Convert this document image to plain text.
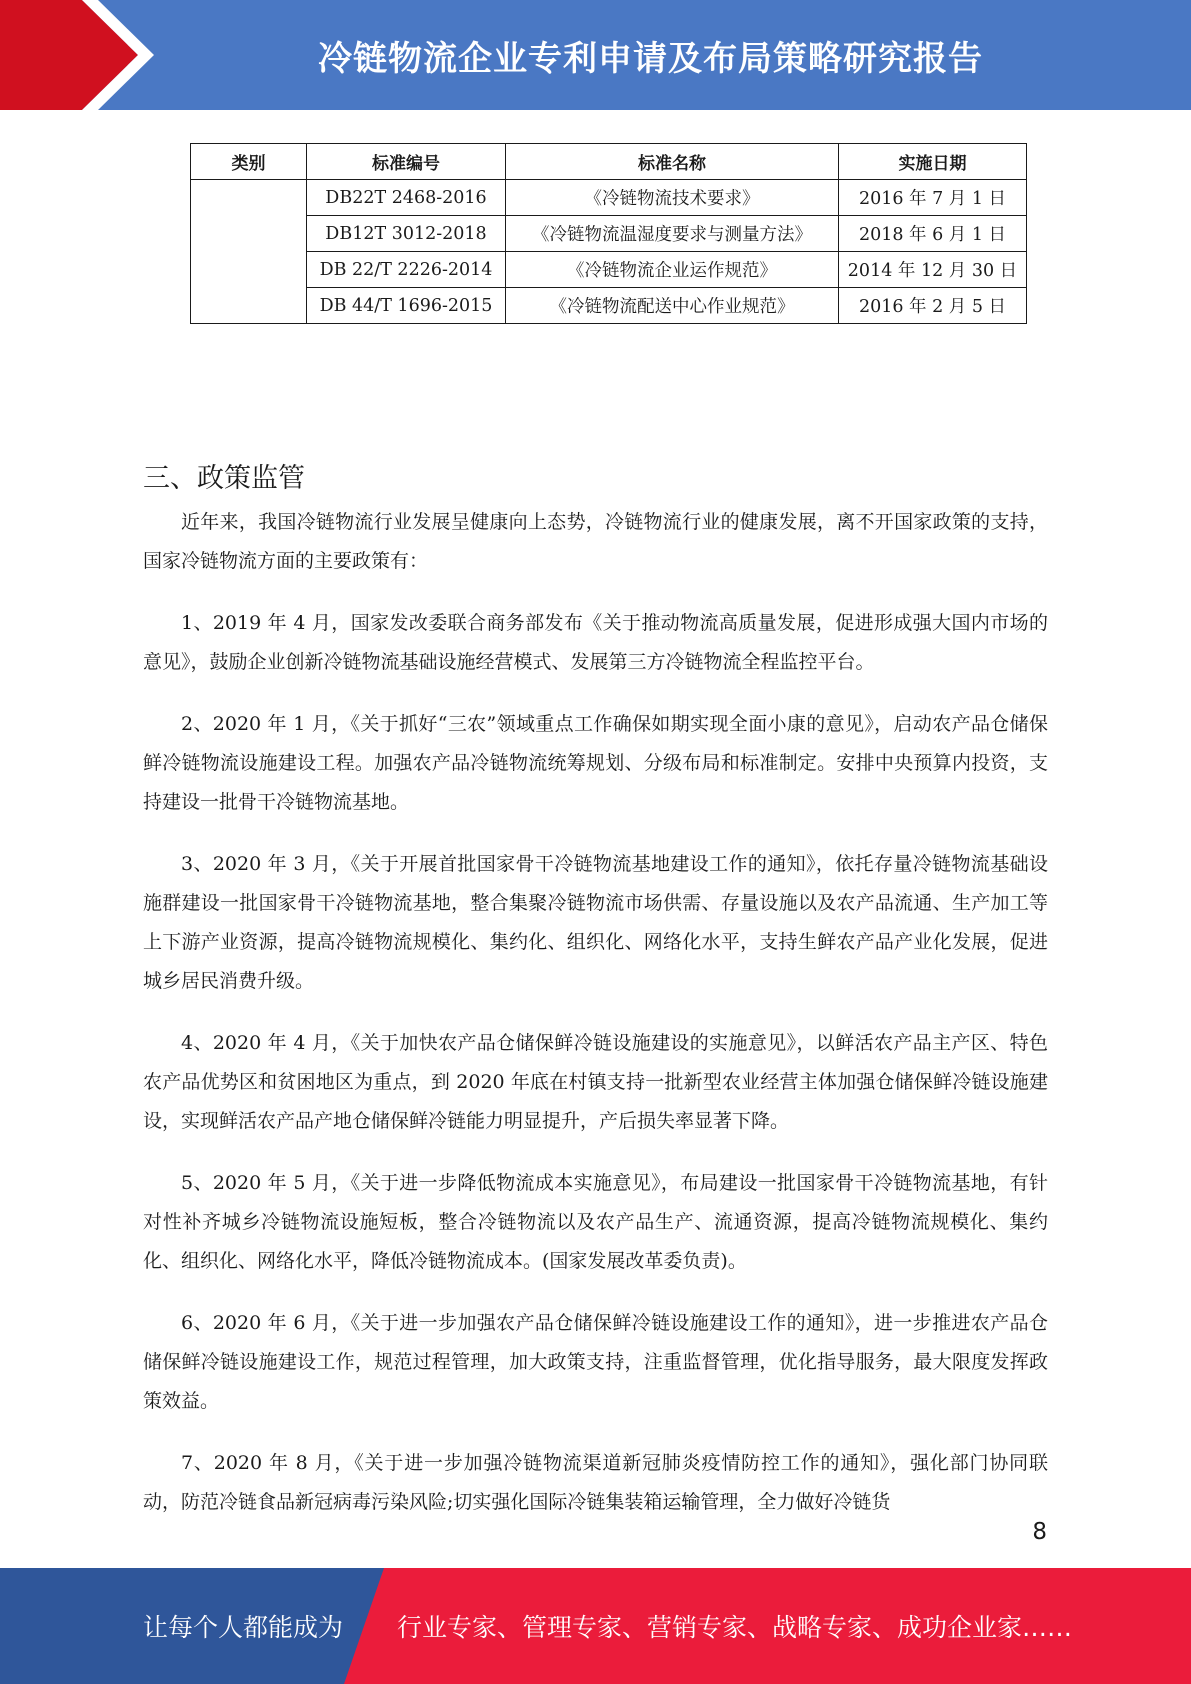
冷链物流企业专利申请及布局策略研究报告
类别	标准编号	标准名称	实施日期
	DB22T 2468-2016	《冷链物流技术要求》	2016 年 7 月 1 日
	DB12T 3012-2018	《冷链物流温湿度要求与测量方法》	2018 年 6 月 1 日
	DB 22/T 2226-2014	《冷链物流企业运作规范》	2014 年 12 月 30 日
	DB 44/T 1696-2015	《冷链物流配送中心作业规范》	2016 年 2 月 5 日
三、政策监管

近年来，我国冷链物流行业发展呈健康向上态势，冷链物流行业的健康发展，离不开国家政策的支持，国家冷链物流方面的主要政策有：

1、2019 年 4 月，国家发改委联合商务部发布《关于推动物流高质量发展，促进形成强大国内市场的意见》，鼓励企业创新冷链物流基础设施经营模式、发展第三方冷链物流全程监控平台。

2、2020 年 1 月，《关于抓好“三农”领域重点工作确保如期实现全面小康的意见》，启动农产品仓储保鲜冷链物流设施建设工程。加强农产品冷链物流统筹规划、分级布局和标准制定。安排中央预算内投资，支持建设一批骨干冷链物流基地。

3、2020 年 3 月，《关于开展首批国家骨干冷链物流基地建设工作的通知》，依托存量冷链物流基础设施群建设一批国家骨干冷链物流基地，整合集聚冷链物流市场供需、存量设施以及农产品流通、生产加工等上下游产业资源，提高冷链物流规模化、集约化、组织化、网络化水平，支持生鲜农产品产业化发展，促进城乡居民消费升级。

4、2020 年 4 月，《关于加快农产品仓储保鲜冷链设施建设的实施意见》，以鲜活农产品主产区、特色农产品优势区和贫困地区为重点，到 2020 年底在村镇支持一批新型农业经营主体加强仓储保鲜冷链设施建设，实现鲜活农产品产地仓储保鲜冷链能力明显提升，产后损失率显著下降。

5、2020 年 5 月，《关于进一步降低物流成本实施意见》，布局建设一批国家骨干冷链物流基地，有针对性补齐城乡冷链物流设施短板，整合冷链物流以及农产品生产、流通资源，提高冷链物流规模化、集约化、组织化、网络化水平，降低冷链物流成本。(国家发展改革委负责)。

6、2020 年 6 月，《关于进一步加强农产品仓储保鲜冷链设施建设工作的通知》，进一步推进农产品仓储保鲜冷链设施建设工作，规范过程管理，加大政策支持，注重监督管理，优化指导服务，最大限度发挥政策效益。

7、2020 年 8 月，《关于进一步加强冷链物流渠道新冠肺炎疫情防控工作的通知》，强化部门协同联动，防范冷链食品新冠病毒污染风险;切实强化国际冷链集装箱运输管理，全力做好冷链货

8
让每个人都能成为 行业专家、管理专家、营销专家、战略专家、成功企业家……
